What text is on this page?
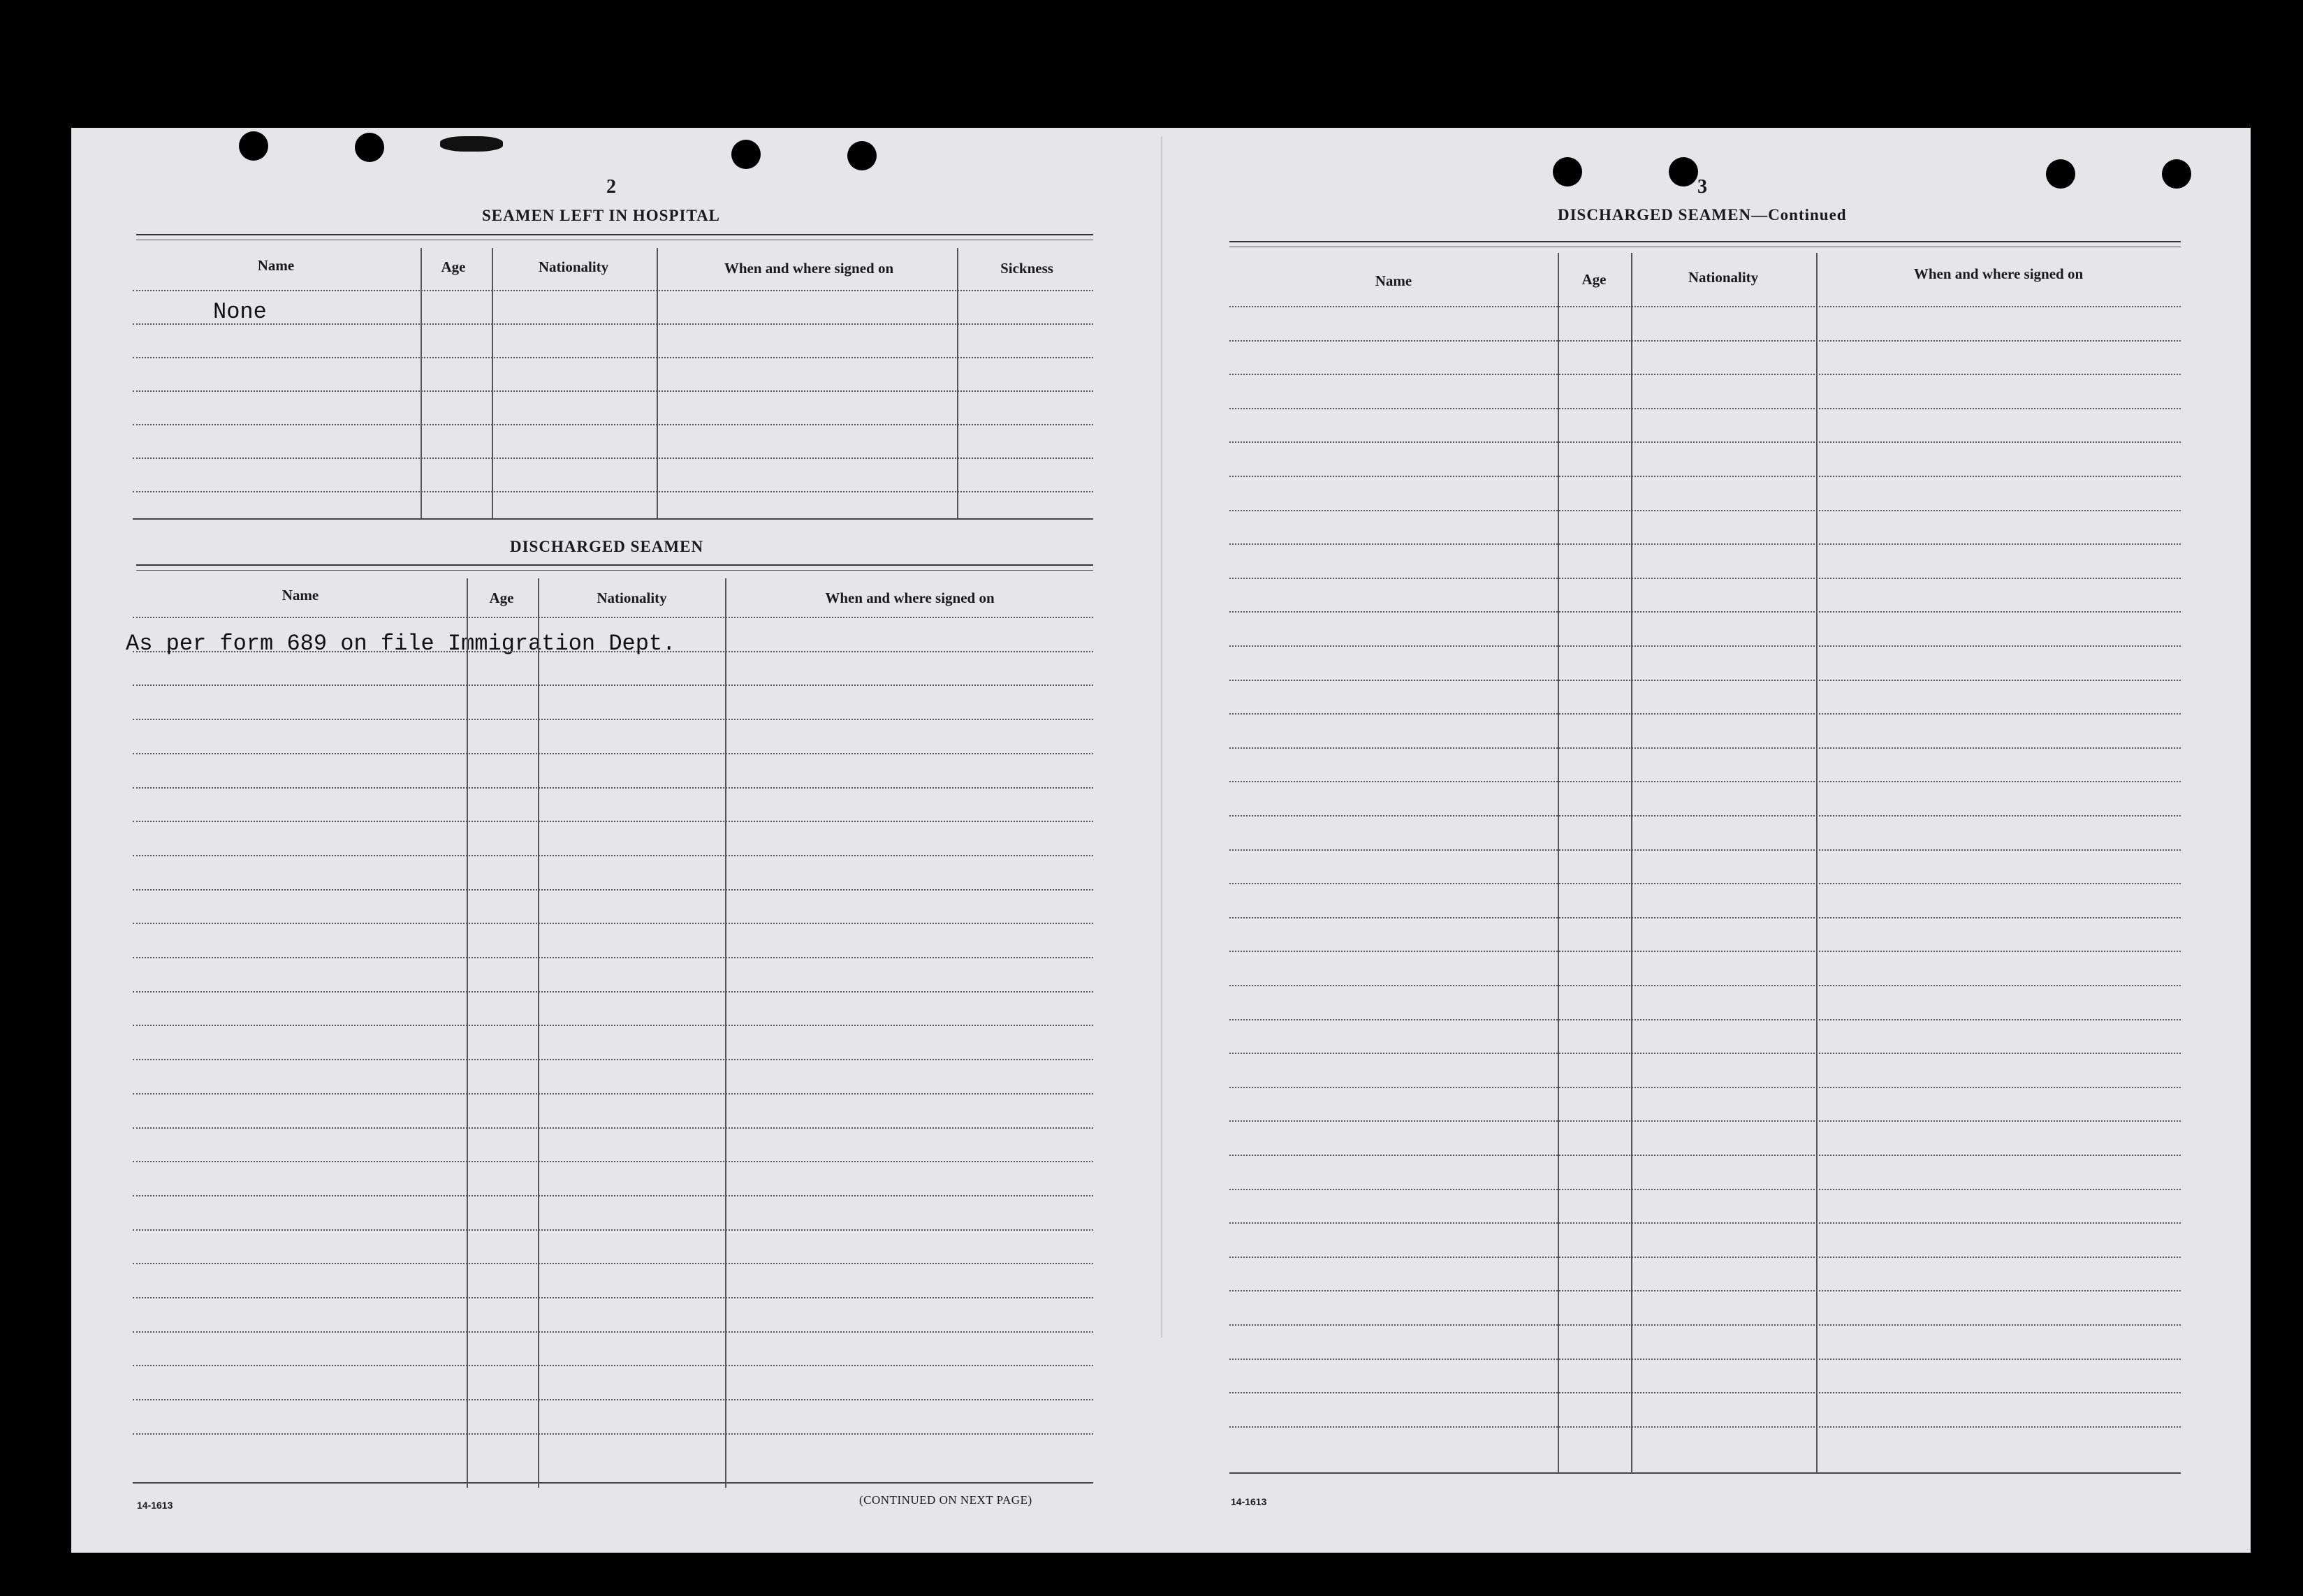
2
SEAMEN LEFT IN HOSPITAL
Name	Age	Nationality	When and where signed on	Sickness
None
DISCHARGED SEAMEN
Name	Age	Nationality	When and where signed on
As per form 689 on file Immigration Dept.
14-1613	(CONTINUED ON NEXT PAGE)
3
DISCHARGED SEAMEN—Continued
Name	Age	Nationality	When and where signed on
14-1613
